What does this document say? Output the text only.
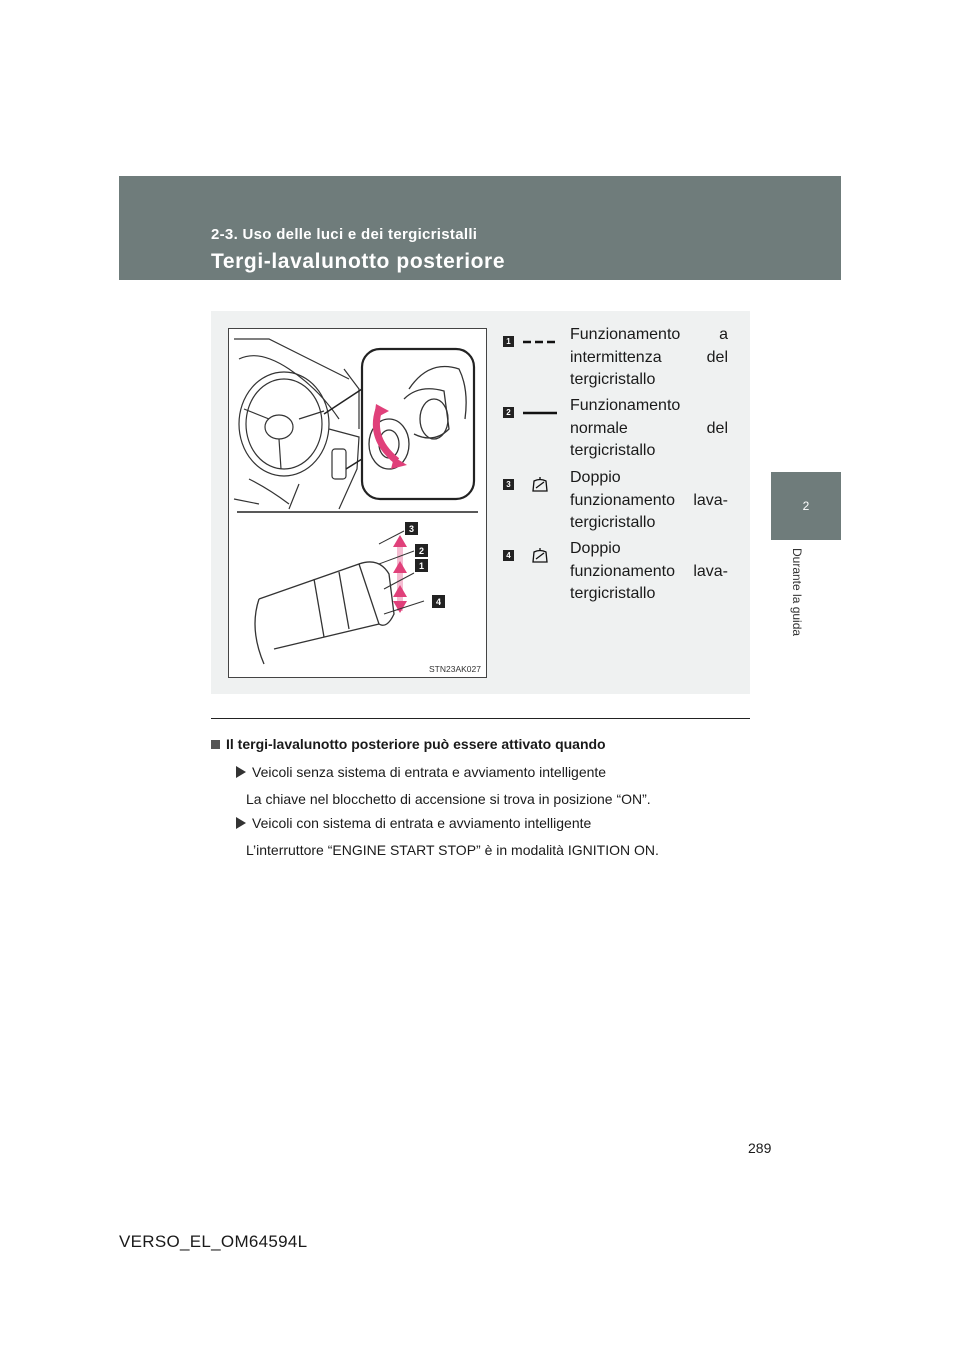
2-3. Uso delle luci e dei tergicristalli
Tergi-lavalunotto posteriore
2
Durante la guida
3
2
1
4
STN23AK027
1	Funzionamento a intermittenza del tergicristallo
2	Funzionamento normale del tergicristallo
3	Doppio funzionamento lava-tergicristallo
4	Doppio funzionamento lava-tergicristallo
Il tergi-lavalunotto posteriore può essere attivato quando
Veicoli senza sistema di entrata e avviamento intelligente
La chiave nel blocchetto di accensione si trova in posizione “ON”.
Veicoli con sistema di entrata e avviamento intelligente
L’interruttore “ENGINE START STOP” è in modalità IGNITION ON.
289
VERSO_EL_OM64594L
